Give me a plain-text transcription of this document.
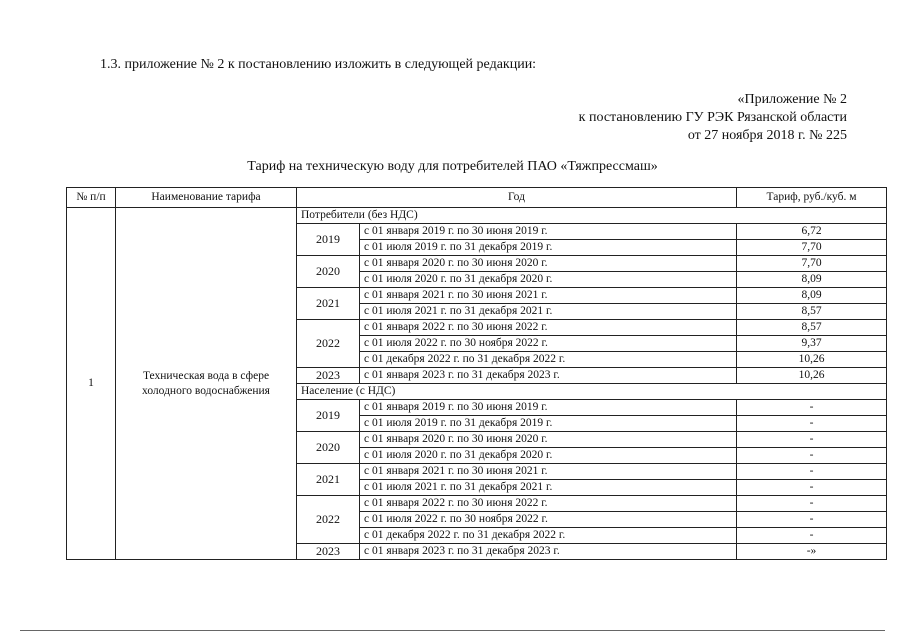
1.3. приложение № 2 к постановлению изложить в следующей редакции:
«Приложение № 2
к постановлению ГУ РЭК Рязанской области
от 27 ноября 2018 г. № 225
Тариф на техническую воду для потребителей ПАО «Тяжпрессмаш»
№ п/п	Наименование тарифа	Год		Тариф, руб./куб. м
1	Техническая вода в сфере холодного водоснабжения	Потребители (без НДС)		
		2019	с 01 января 2019 г. по 30 июня 2019 г.	6,72
			с 01 июля 2019 г. по 31 декабря 2019 г.	7,70
		2020	с 01 января 2020 г. по 30 июня 2020 г.	7,70
			с 01 июля 2020 г. по 31 декабря 2020 г.	8,09
		2021	с 01 января 2021 г. по 30 июня 2021 г.	8,09
			с 01 июля 2021 г. по 31 декабря 2021 г.	8,57
		2022	с 01 января 2022 г. по 30 июня 2022 г.	8,57
			с 01 июля 2022 г. по 30 ноября 2022 г.	9,37
			с 01 декабря 2022 г. по 31 декабря 2022 г.	10,26
		2023	с 01 января 2023 г. по 31 декабря 2023 г.	10,26
		Население (с НДС)		
		2019	с 01 января 2019 г. по 30 июня 2019 г.	-
			с 01 июля 2019 г. по 31 декабря 2019 г.	-
		2020	с 01 января 2020 г. по 30 июня 2020 г.	-
			с 01 июля 2020 г. по 31 декабря 2020 г.	-
		2021	с 01 января 2021 г. по 30 июня 2021 г.	-
			с 01 июля 2021 г. по 31 декабря 2021 г.	-
		2022	с 01 января 2022 г. по 30 июня 2022 г.	-
			с 01 июля 2022 г. по 30 ноября 2022 г.	-
			с 01 декабря 2022 г. по 31 декабря 2022 г.	-
		2023	с 01 января 2023 г. по 31 декабря 2023 г.	-»
